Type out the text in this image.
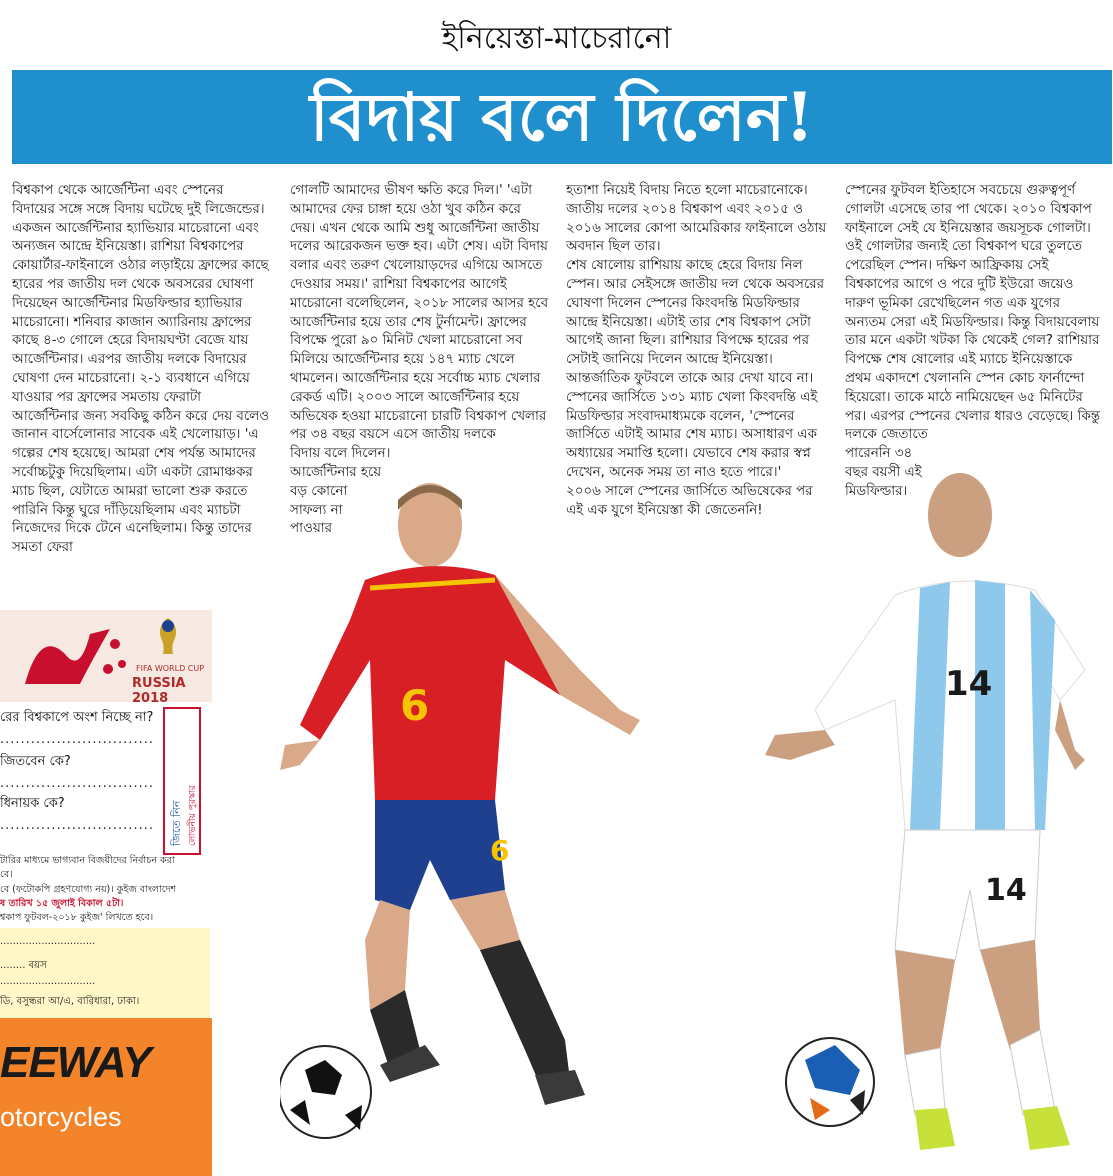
ইনিয়েস্তা-মাচেরানো
বিদায় বলে দিলেন!

বিশ্বকাপ থেকে আর্জেন্টিনা এবং স্পেনের বিদায়ের সঙ্গে সঙ্গে বিদায় ঘটেছে দুই লিজেন্ডের। একজন আর্জেন্টিনার হ্যাভিয়ার মাচেরানো এবং অন্যজন আন্দ্রে ইনিয়েস্তা। রাশিয়া বিশ্বকাপের কোয়ার্টার-ফাইনালে ওঠার লড়াইয়ে ফ্রান্সের কাছে হারের পর জাতীয় দল থেকে অবসরের ঘোষণা দিয়েছেন আর্জেন্টিনার মিডফিল্ডার হ্যাভিয়ার মাচেরানো। শনিবার কাজান অ্যারিনায় ফ্রান্সের কাছে ৪-৩ গোলে হেরে বিদায়ঘণ্টা বেজে যায় আর্জেন্টিনার। এরপর জাতীয় দলকে বিদায়ের ঘোষণা দেন মাচেরানো। ২-১ ব্যবধানে এগিয়ে যাওয়ার পর ফ্রান্সের সমতায় ফেরাটা আর্জেন্টিনার জন্য সবকিছু কঠিন করে দেয় বলেও জানান বার্সেলোনার সাবেক এই খেলোয়াড়। 'এ গল্পের শেষ হয়েছে। আমরা শেষ পর্যন্ত আমাদের সর্বোচ্চটুকু দিয়েছিলাম। এটা একটা রোমাঞ্চকর ম্যাচ ছিল, যেটাতে আমরা ভালো শুরু করতে পারিনি কিন্তু ঘুরে দাঁড়িয়েছিলাম এবং ম্যাচটা নিজেদের দিকে টেনে এনেছিলাম। কিন্তু তাদের সমতা ফেরা

গোলটি আমাদের ভীষণ ক্ষতি করে দিল।' 'এটা আমাদের ফের চাঙ্গা হয়ে ওঠা খুব কঠিন করে দেয়। এখন থেকে আমি শুধু আর্জেন্টিনা জাতীয় দলের আরেকজন ভক্ত হব। এটা শেষ। এটা বিদায় বলার এবং তরুণ খেলোয়াড়দের এগিয়ে আসতে দেওয়ার সময়।' রাশিয়া বিশ্বকাপের আগেই মাচেরানো বলেছিলেন, ২০১৮ সালের আসর হবে আর্জেন্টিনার হয়ে তার শেষ টুর্নামেন্ট। ফ্রান্সের বিপক্ষে পুরো ৯০ মিনিট খেলা মাচেরানো সব মিলিয়ে আর্জেন্টিনার হয়ে ১৪৭ ম্যাচ খেলে থামলেন। আর্জেন্টিনার হয়ে সর্বোচ্চ ম্যাচ খেলার রেকর্ড এটি। ২০০৩ সালে আর্জেন্টিনার হয়ে অভিষেক হওয়া মাচেরানো চারটি বিশ্বকাপ খেলার পর ৩৪ বছর বয়সে এসে জাতীয় দলকে
বিদায় বলে দিলেন।
আর্জেন্টিনার হয়ে
বড় কোনো
সাফল্য না
পাওয়ার

হতাশা নিয়েই বিদায় নিতে হলো মাচেরানোকে। জাতীয় দলের ২০১৪ বিশ্বকাপ এবং ২০১৫ ও ২০১৬ সালের কোপা আমেরিকার ফাইনালে ওঠায় অবদান ছিল তার।
শেষ ষোলোয় রাশিয়ায় কাছে হেরে বিদায় নিল স্পেন। আর সেইসঙ্গে জাতীয় দল থেকে অবসরের ঘোষণা দিলেন স্পেনের কিংবদন্তি মিডফিল্ডার আন্দ্রে ইনিয়েস্তা। এটাই তার শেষ বিশ্বকাপ সেটা আগেই জানা ছিল। রাশিয়ার বিপক্ষে হারের পর সেটাই জানিয়ে দিলেন আন্দ্রে ইনিয়েস্তা। আন্তর্জাতিক ফুটবলে তাকে আর দেখা যাবে না। স্পেনের জার্সিতে ১৩১ ম্যাচ খেলা কিংবদন্তি এই মিডফিল্ডার সংবাদমাধ্যমকে বলেন, 'স্পেনের জার্সিতে এটাই আমার শেষ ম্যাচ। অসাধারণ এক অধ্যায়ের সমাপ্তি হলো। যেভাবে শেষ করার স্বপ্ন দেখেন, অনেক সময় তা নাও হতে পারে।'
২০০৬ সালে স্পেনের জার্সিতে অভিষেকের পর এই এক যুগে ইনিয়েস্তা কী জেতেননি!

স্পেনের ফুটবল ইতিহাসে সবচেয়ে গুরুত্বপূর্ণ গোলটা এসেছে তার পা থেকে। ২০১০ বিশ্বকাপ ফাইনালে সেই যে ইনিয়েস্তার জয়সূচক গোলটা। ওই গোলটার জন্যই তো বিশ্বকাপ ঘরে তুলতে পেরেছিল স্পেন। দক্ষিণ আফ্রিকায় সেই বিশ্বকাপের আগে ও পরে দুটি ইউরো জয়েও দারুণ ভূমিকা রেখেছিলেন গত এক যুগের অন্যতম সেরা এই মিডফিল্ডার। কিন্তু বিদায়বেলায় তার মনে একটা খটকা কি থেকেই গেল? রাশিয়ার বিপক্ষে শেষ ষোলোর এই ম্যাচে ইনিয়েস্তাকে প্রথম একাদশে খেলাননি স্পেন কোচ ফার্নান্দো হিয়েরো। তাকে মাঠে নামিয়েছেন ৬৫ মিনিটের পর। এরপর স্পেনের খেলার ধারও বেড়েছে। কিন্তু
দলকে জেতাতে
পারেননি ৩৪
বছর বয়সী এই
মিডফিল্ডার।

6
6
14
14
FIFA WORLD CUP
RUSSIA 2018
রের বিশ্বকাপে অংশ নিচ্ছে না?
..............................
জিতবেন কে?
..............................
ধিনায়ক কে?
.............................. জিতে নিন লোভনীয় পুরস্কার
টারির মাধ্যমে ভাগ্যবান বিজয়ীদের নির্বাচন করা
বে।
বে (ফটোকপি গ্রহণযোগ্য নয়)। কুইজ বাংলাদেশ
ষ তারিখ ১৫ জুলাই বিকাল ৫টা।
শ্বকাপ ফুটবল-২০১৮ কুইজ' লিখতে হবে।
..............................
........ বয়স
..............................
ডি, বসুন্ধরা আ/এ, বারিধারা, ঢাকা।
EEWAY
otorcycles
